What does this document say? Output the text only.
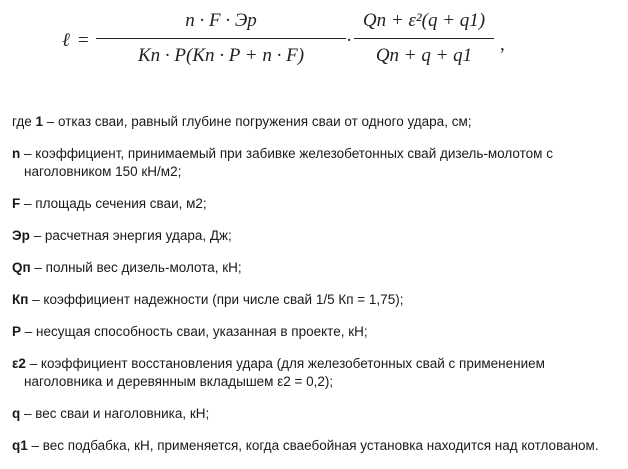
ℓ =
n · F · Эp
Kn · P(Kn · P + n · F)
·
Qn + ε²(q + q1)
Qn + q + q1
,

где 1 – отказ сваи, равный глубине погружения сваи от одного удара, см;

n – коэффициент, принимаемый при забивке железобетонных свай дизель-молотом с наголовником 150 кН/м2;

F – площадь сечения сваи, м2;

Эр – расчетная энергия удара, Дж;

Qп – полный вес дизель-молота, кН;

Кп – коэффициент надежности (при числе свай 1/5 Кп = 1,75);

P – несущая способность сваи, указанная в проекте, кН;

ε2 – коэффициент восстановления удара (для железобетонных свай с применением наголовника и деревянным вкладышем ε2 = 0,2);

q – вес сваи и наголовника, кН;

q1 – вес подбабка, кН, применяется, когда сваебойная установка находится над котлованом.
